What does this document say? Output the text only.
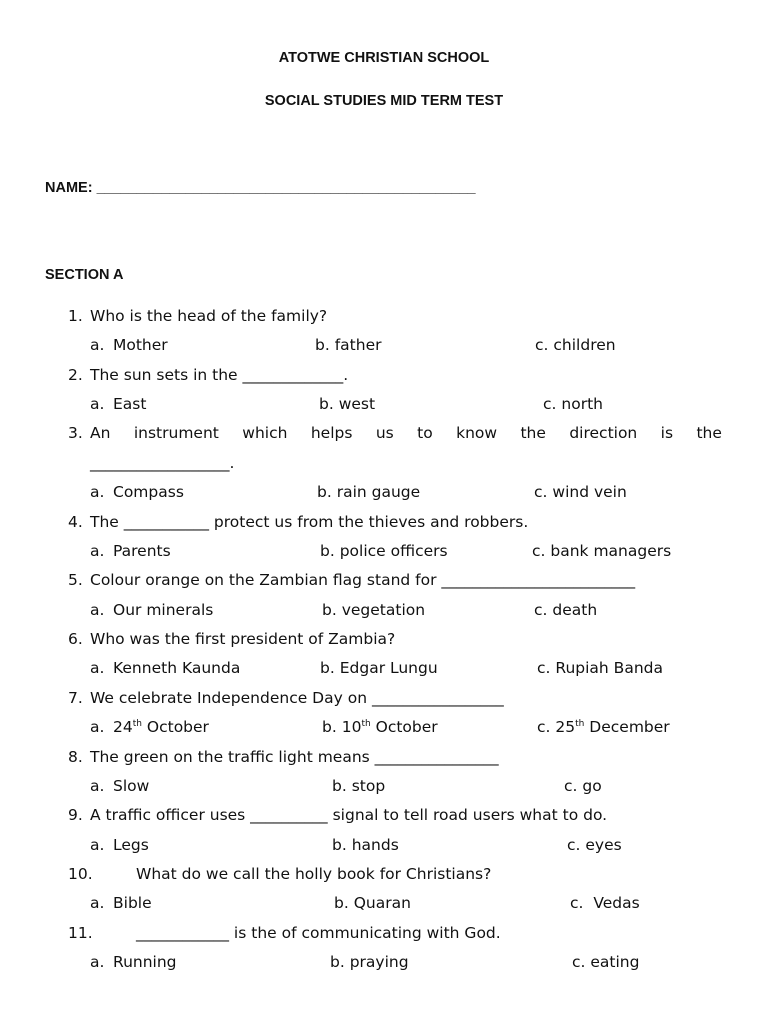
ATOTWE CHRISTIAN SCHOOL
SOCIAL STUDIES MID TERM TEST
NAME: _______________________________________________
SECTION A
1. Who is the head of the family?
a. Mother	b. father	c. children
2. The sun sets in the _____________.
a. East	b. west	c. north
3. An instrument which helps us to know the direction is the
__________________.
a. Compass	b. rain gauge	c. wind vein
4. The ___________ protect us from the thieves and robbers.
a. Parents	b. police officers	c. bank managers
5. Colour orange on the Zambian flag stand for _________________________
a. Our minerals	b. vegetation	c. death
6. Who was the first president of Zambia?
a. Kenneth Kaunda	b. Edgar Lungu	c. Rupiah Banda
7. We celebrate Independence Day on _________________
a. 24th October	b. 10th October	c. 25th December
8. The green on the traffic light means ________________
a. Slow	b. stop	c. go
9. A traffic officer uses __________ signal to tell road users what to do.
a. Legs	b. hands	c. eyes
10.	What do we call the holly book for Christians?
a. Bible	b. Quaran	c.  Vedas
11.	____________ is the of communicating with God.
a. Running	b. praying	c. eating
